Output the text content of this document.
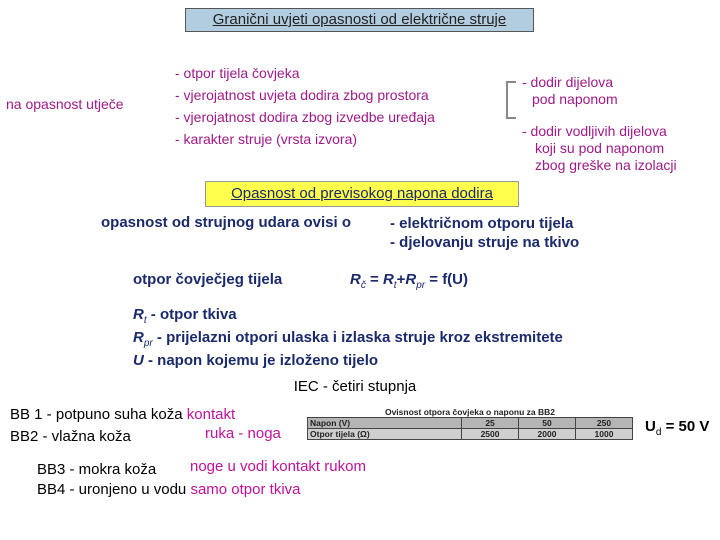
Granični uvjeti opasnosti od električne struje
na opasnost utječe
- otpor tijela čovjeka
- vjerojatnost uvjeta dodira zbog prostora
- vjerojatnost dodira zbog izvedbe uređaja
- karakter struje (vrsta izvora)
- dodir dijelova
pod naponom
- dodir vodljivih dijelova
koji su pod naponom
zbog greške na izolacji
Opasnost od previsokog napona dodira
opasnost od strujnog udara ovisi o	- električnom otporu tijela
- djelovanju struje na tkivo
otpor čovječjeg tijela	$R_č = R_t+R_{pr} = f(U)$
$R_t$ - otpor tkiva
$R_{pr}$ - prijelazni otpori ulaska i izlaska struje kroz ekstremitete
U - napon kojemu je izloženo tijelo
IEC - četiri stupnja
BB 1 - potpuno suha koža kontakt
BB2 - vlažna koža	ruka - noga
BB3 - mokra koža noge u vodi kontakt rukom
BB4 - uronjeno u vodu samo otpor tkiva
Ovisnost otpora čovjeka o naponu za BB2			
Napon (V)	25	50	250
Otpor tijela (Ω)	2500	2000	1000 $U_d = 50$ V
